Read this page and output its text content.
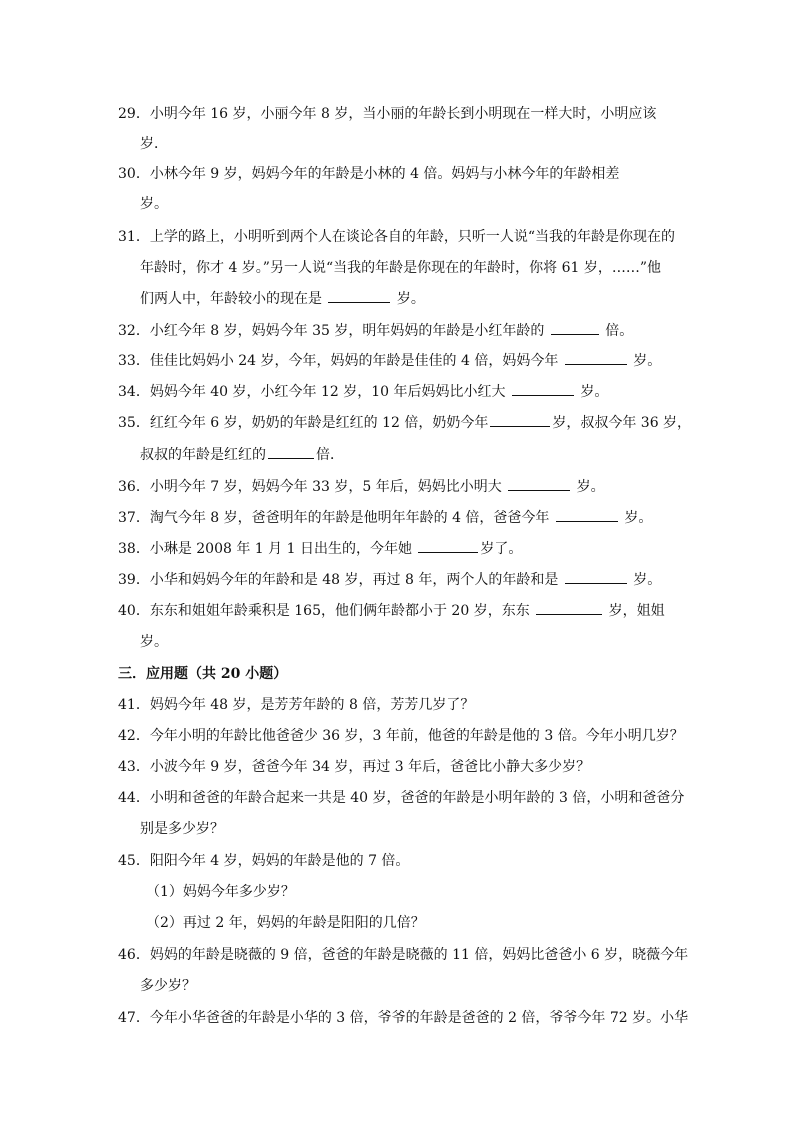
29．小明今年 16 岁，小丽今年 8 岁，当小丽的年龄长到小明现在一样大时，小明应该
岁．
30．小林今年 9 岁，妈妈今年的年龄是小林的 4 倍。妈妈与小林今年的年龄相差
岁。
31．上学的路上，小明听到两个人在谈论各自的年龄，只听一人说“当我的年龄是你现在的
年龄时，你才 4 岁。”另一人说“当我的年龄是你现在的年龄时，你将 61 岁，……”他
们两人中，年龄较小的现在是	岁。
32．小红今年 8 岁，妈妈今年 35 岁，明年妈妈的年龄是小红年龄的	倍。
33．佳佳比妈妈小 24 岁，今年，妈妈的年龄是佳佳的 4 倍，妈妈今年	岁。
34．妈妈今年 40 岁，小红今年 12 岁，10 年后妈妈比小红大	岁。
35．红红今年 6 岁，奶奶的年龄是红红的 12 倍，奶奶今年	岁，叔叔今年 36 岁，
叔叔的年龄是红红的	倍．
36．小明今年 7 岁，妈妈今年 33 岁，5 年后，妈妈比小明大	岁。
37．淘气今年 8 岁，爸爸明年的年龄是他明年年龄的 4 倍，爸爸今年	岁。
38．小琳是 2008 年 1 月 1 日出生的，今年她	岁了。
39．小华和妈妈今年的年龄和是 48 岁，再过 8 年，两个人的年龄和是	岁。
40．东东和姐姐年龄乘积是 165，他们俩年龄都小于 20 岁，东东	岁，姐姐
岁。
三．应用题（共 20 小题）
41．妈妈今年 48 岁，是芳芳年龄的 8 倍，芳芳几岁了？
42．今年小明的年龄比他爸爸少 36 岁，3 年前，他爸的年龄是他的 3 倍。今年小明几岁？
43．小波今年 9 岁，爸爸今年 34 岁，再过 3 年后，爸爸比小静大多少岁？
44．小明和爸爸的年龄合起来一共是 40 岁，爸爸的年龄是小明年龄的 3 倍，小明和爸爸分
别是多少岁？
45．阳阳今年 4 岁，妈妈的年龄是他的 7 倍。
（1）妈妈今年多少岁？
（2）再过 2 年，妈妈的年龄是阳阳的几倍？
46．妈妈的年龄是晓薇的 9 倍，爸爸的年龄是晓薇的 11 倍，妈妈比爸爸小 6 岁，晓薇今年
多少岁？
47．今年小华爸爸的年龄是小华的 3 倍，爷爷的年龄是爸爸的 2 倍，爷爷今年 72 岁。小华
